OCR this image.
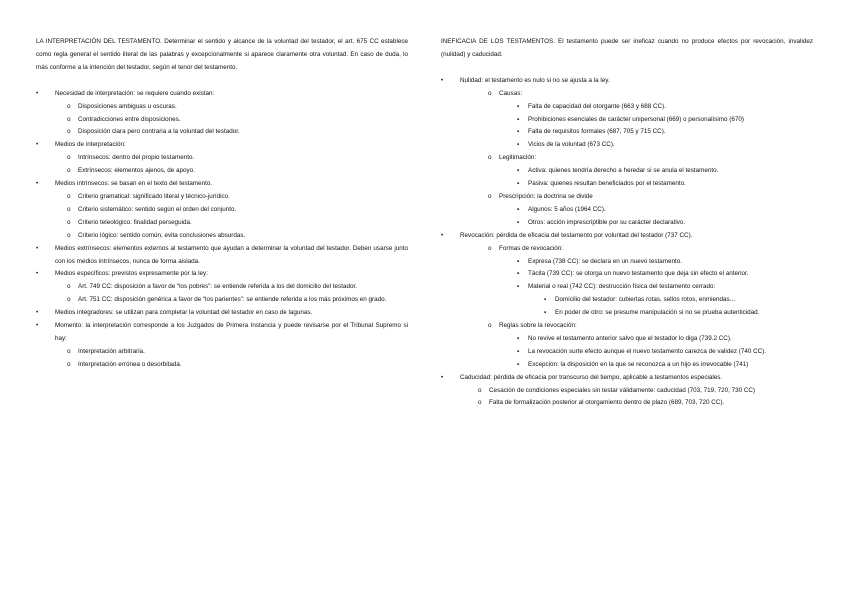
LA INTERPRETACIÓN DEL TESTAMENTO. Determinar el sentido y alcance de la voluntad del testador, el art. 675 CC establece como regla general el sentido literal de las palabras y excepcionalmente si aparece claramente otra voluntad. En caso de duda, lo más conforme a la intención del testador, según el tenor del testamento.

•	Necesidad de interpretación: se requiere cuando existan:
o Disposiciones ambiguas u oscuras.
o Contradicciones entre disposiciones.
o Disposición clara pero contraria a la voluntad del testador.
•	Medios de interpretación:
o Intrínsecos: dentro del propio testamento.
o Extrínsecos: elementos ajenos, de apoyo.
•	Medios intrínsecos: se basan en el texto del testamento.
o Criterio gramatical: significado literal y técnico-jurídico.
o Criterio sistemático: sentido según el orden del conjunto.
o Criterio teleológico: finalidad perseguida.
o Criterio lógico: sentido común, evita conclusiones absurdas.
•	Medios extrínsecos: elementos externos al testamento que ayudan a determinar la voluntad del testador. Deben usarse junto con los medios intrínsecos, nunca de forma aislada.
•	Medios específicos: previstos expresamente por la ley:
o Art. 749 CC: disposición a favor de “los pobres”: se entiende referida a los del domicilio del testador.
o Art. 751 CC: disposición genérica a favor de “los parientes”: se entiende referida a los más próximos en grado.
•	Medios integradores: se utilizan para completar la voluntad del testador en caso de lagunas.
•	Momento: la interpretación corresponde a los Juzgados de Primera Instancia y puede revisarse por el Tribunal Supremo si hay:
o Interpretación arbitraria.
o Interpretación errónea o desorbitada.

INEFICACIA DE LOS TESTAMENTOS. El testamento puede ser ineficaz cuando no produce efectos por revocación, invalidez (nulidad) y caducidad.

•	Nulidad: el testamento es nulo si no se ajusta a la ley.
o Causas:
▪ Falta de capacidad del otorgante (663 y 688 CC).
▪ Prohibiciones esenciales de carácter unipersonal (669) o personalísimo (670)
▪ Falta de requisitos formales (687, 705 y 715 CC).
▪ Vicios de la voluntad (673 CC).
o Legitimación:
▪ Activa: quienes tendría derecho a heredar si se anula el testamento.
▪ Pasiva: quienes resultan beneficiados por el testamento.
o Prescripción: la doctrina se divide
▪ Algunos: 5 años (1964 CC).
▪ Otros: acción imprescriptible por su carácter declarativo.
•	Revocación: pérdida de eficacia del testamento por voluntad del testador (737 CC).
o Formas de revocación:
▪ Expresa (738 CC): se declara en un nuevo testamento.
▪ Tácita (739 CC): se otorga un nuevo testamento que deja sin efecto el anterior.
▪ Material o real (742 CC): destrucción física del testamento cerrado:
▪ Domicilio del testador: cubiertas rotas, sellos rotos, enmiendas…
▪ En poder de otro: se presume manipulación si no se prueba autenticidad.
o Reglas sobre la revocación:
▪ No revive el testamento anterior salvo que el testador lo diga (739.2 CC).
▪ La revocación surte efecto aunque el nuevo testamento carezca de validez (740 CC).
▪ Excepción: la disposición en la que se reconozca a un hijo es irrevocable (741)
•	Caducidad: pérdida de eficacia por transcurso del tiempo, aplicable a testamentos especiales.
o Cesación de condiciones especiales sin testar válidamente: caducidad (703, 719, 720, 730 CC)
o Falta de formalización posterior al otorgamiento dentro de plazo (689, 703, 720 CC).
